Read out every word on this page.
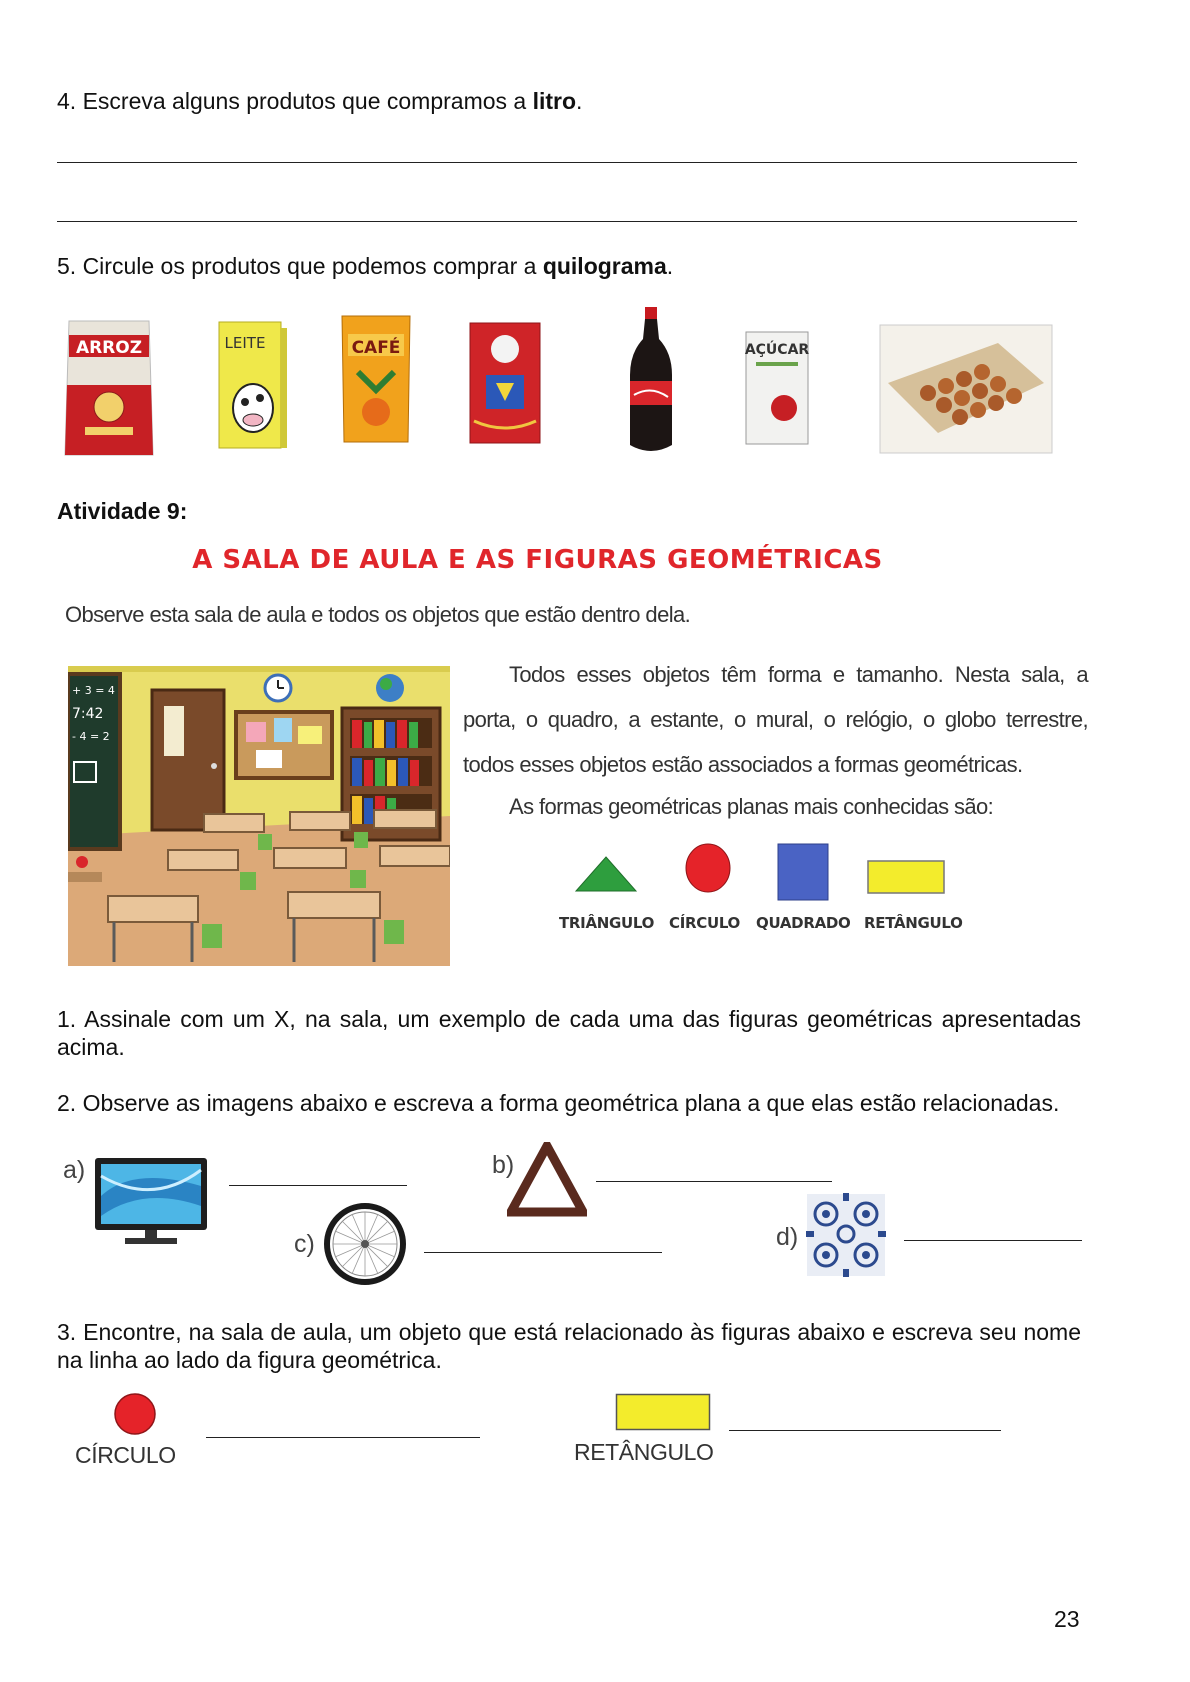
4. Escreva alguns produtos que compramos a litro.
5. Circule os produtos que podemos comprar a quilograma.
ARROZ	LEITE	CAFÉ	AÇÚCAR
Atividade 9:
A SALA DE AULA E AS FIGURAS GEOMÉTRICAS
Observe esta sala de aula e todos os objetos que estão dentro dela.
+ 3 = 4
7:42
- 4 = 2
Todos esses objetos têm forma e tamanho. Nesta sala, a porta, o quadro, a estante, o mural, o relógio, o globo terrestre, todos esses objetos estão associados a formas geométricas.
As formas geométricas planas mais conhecidas são:
TRIÂNGULO CÍRCULO QUADRADO RETÂNGULO
1. Assinale com um X, na sala, um exemplo de cada uma das figuras geométricas apresentadas acima.
2. Observe as imagens abaixo e escreva a forma geométrica plana a que elas estão relacionadas.
a)	b)
c)	d)
3. Encontre, na sala de aula, um objeto que está relacionado às figuras abaixo e escreva seu nome na linha ao lado da figura geométrica.
CÍRCULO	RETÂNGULO
23
